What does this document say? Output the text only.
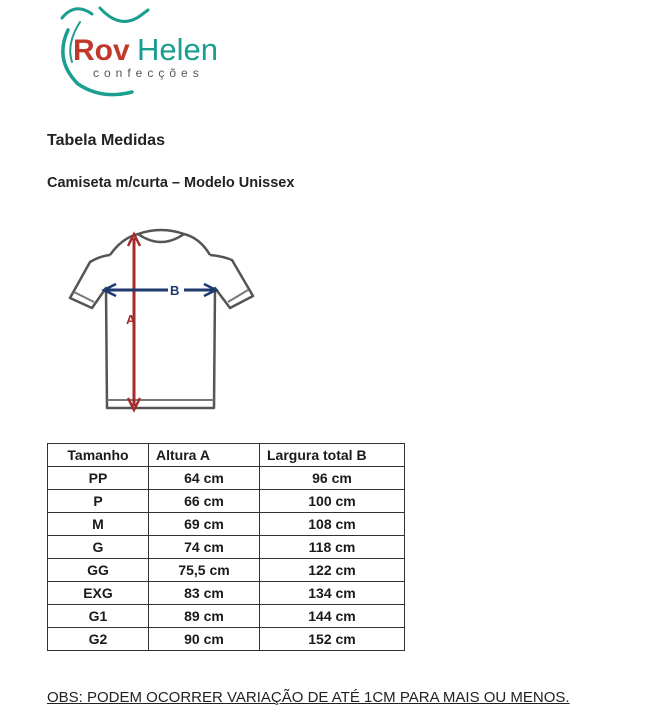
Rov Helen
confecções
Tabela Medidas
Camiseta m/curta – Modelo Unissex
A
B
Tamanho	Altura A	Largura total B
PP	64 cm	96 cm
P	66 cm	100 cm
M	69 cm	108 cm
G	74 cm	118 cm
GG	75,5 cm	122 cm
EXG	83 cm	134 cm
G1	89 cm	144 cm
G2	90 cm	152 cm
OBS: PODEM OCORRER VARIAÇÃO DE ATÉ 1CM PARA MAIS OU MENOS.
